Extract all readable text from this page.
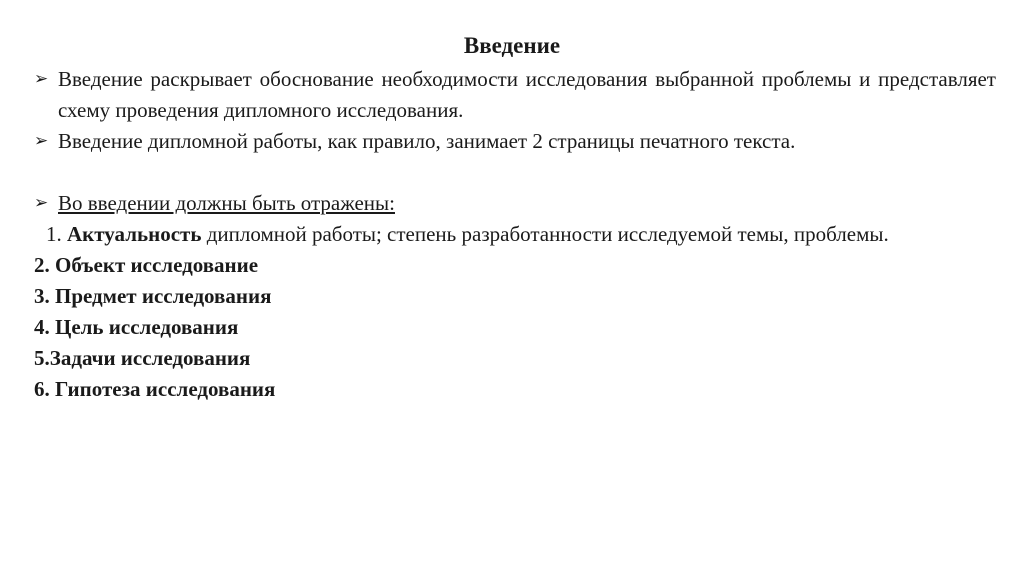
Введение
➢ Введение раскрывает обоснование необходимости исследования выбранной проблемы и представляет схему проведения дипломного исследования.
➢ Введение дипломной работы, как правило, занимает 2 страницы печатного текста.
➢ Во введении должны быть отражены:
1. Актуальность дипломной работы; степень разработанности исследуемой темы, проблемы.
2. Объект исследование
3. Предмет исследования
4. Цель исследования
5.Задачи исследования
6. Гипотеза исследования
